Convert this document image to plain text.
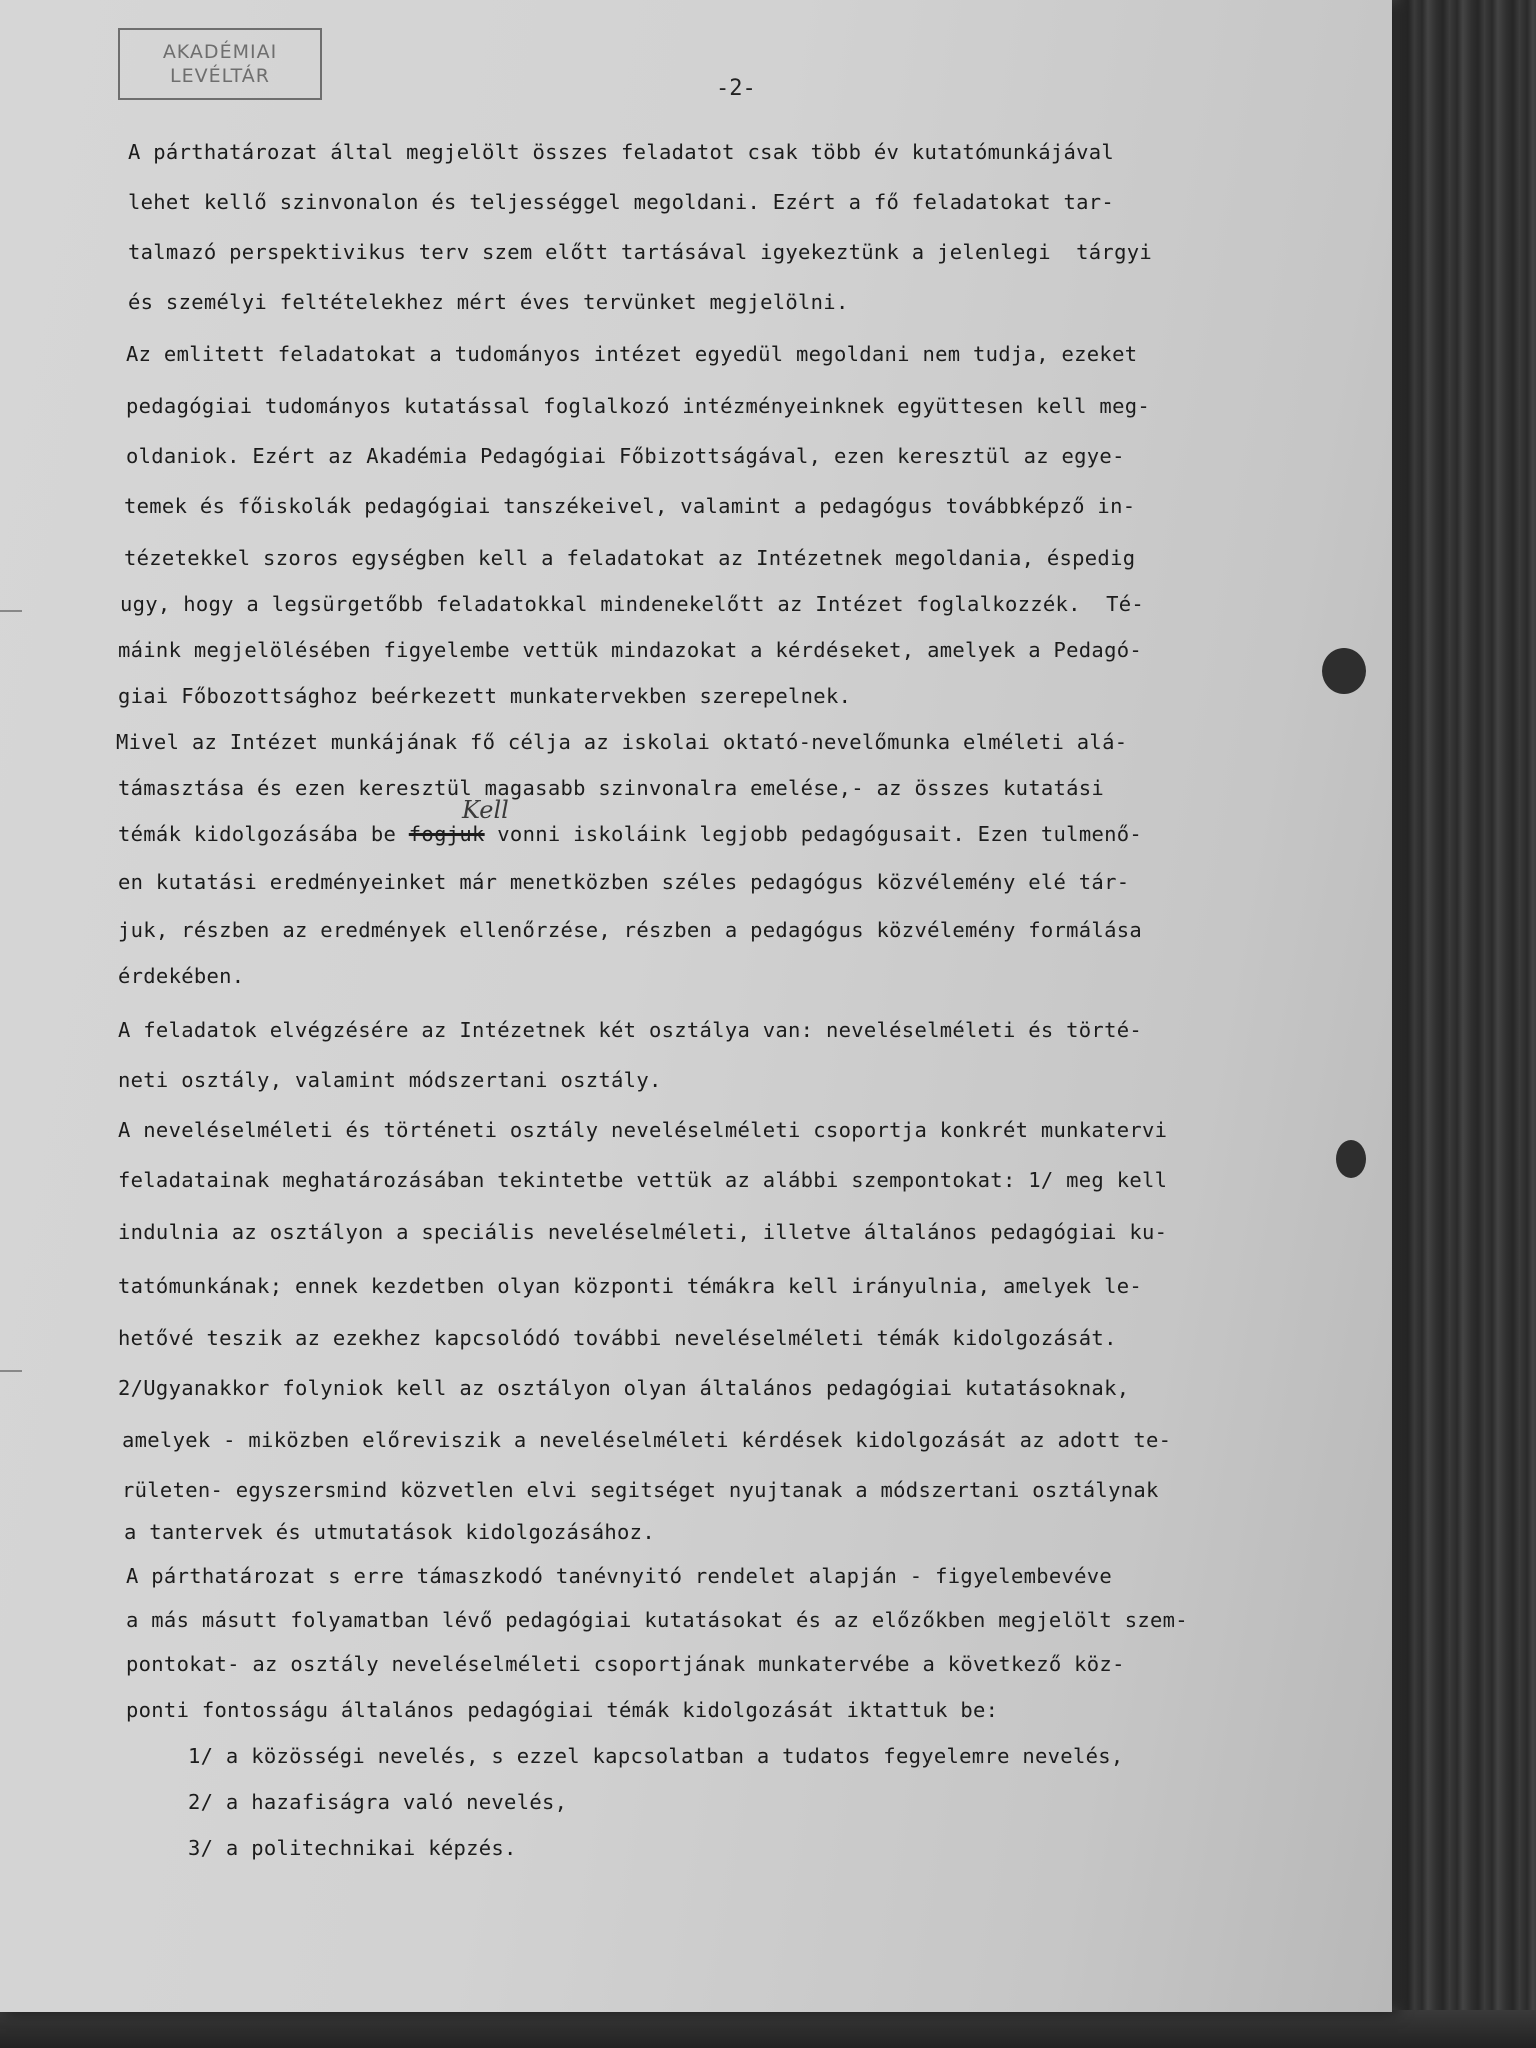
AKADÉMIAI
LEVÉLTÁR	-2-
Kell
A párthatározat által megjelölt összes feladatot csak több év kutatómunkájával
lehet kellő szinvonalon és teljességgel megoldani. Ezért a fő feladatokat tar-
talmazó perspektivikus terv szem előtt tartásával igyekeztünk a jelenlegi  tárgyi
és személyi feltételekhez mért éves tervünket megjelölni.
Az emlitett feladatokat a tudományos intézet egyedül megoldani nem tudja, ezeket
pedagógiai tudományos kutatással foglalkozó intézményeinknek együttesen kell meg-
oldaniok. Ezért az Akadémia Pedagógiai Főbizottságával, ezen keresztül az egye-
temek és főiskolák pedagógiai tanszékeivel, valamint a pedagógus továbbképző in-
tézetekkel szoros egységben kell a feladatokat az Intézetnek megoldania, éspedig
ugy, hogy a legsürgetőbb feladatokkal mindenekelőtt az Intézet foglalkozzék.  Té-
máink megjelölésében figyelembe vettük mindazokat a kérdéseket, amelyek a Pedagó-
giai Főbozottsághoz beérkezett munkatervekben szerepelnek.
Mivel az Intézet munkájának fő célja az iskolai oktató-nevelőmunka elméleti alá-
támasztása és ezen keresztül magasabb szinvonalra emelése,- az összes kutatási
témák kidolgozásába be fogjuk vonni iskoláink legjobb pedagógusait. Ezen tulmenő-
en kutatási eredményeinket már menetközben széles pedagógus közvélemény elé tár-
juk, részben az eredmények ellenőrzése, részben a pedagógus közvélemény formálása
érdekében.
A feladatok elvégzésére az Intézetnek két osztálya van: neveléselméleti és törté-
neti osztály, valamint módszertani osztály.
A neveléselméleti és történeti osztály neveléselméleti csoportja konkrét munkatervi
feladatainak meghatározásában tekintetbe vettük az alábbi szempontokat: 1/ meg kell
indulnia az osztályon a speciális neveléselméleti, illetve általános pedagógiai ku-
tatómunkának; ennek kezdetben olyan központi témákra kell irányulnia, amelyek le-
hetővé teszik az ezekhez kapcsolódó további neveléselméleti témák kidolgozását.
2/Ugyanakkor folyniok kell az osztályon olyan általános pedagógiai kutatásoknak,
amelyek - miközben előreviszik a neveléselméleti kérdések kidolgozását az adott te-
rületen- egyszersmind közvetlen elvi segitséget nyujtanak a módszertani osztálynak
a tantervek és utmutatások kidolgozásához.
A párthatározat s erre támaszkodó tanévnyitó rendelet alapján - figyelembevéve
a más másutt folyamatban lévő pedagógiai kutatásokat és az előzőkben megjelölt szem-
pontokat- az osztály neveléselméleti csoportjának munkatervébe a következő köz-
ponti fontosságu általános pedagógiai témák kidolgozását iktattuk be:
1/ a közösségi nevelés, s ezzel kapcsolatban a tudatos fegyelemre nevelés,
2/ a hazafiságra való nevelés,
3/ a politechnikai képzés.
